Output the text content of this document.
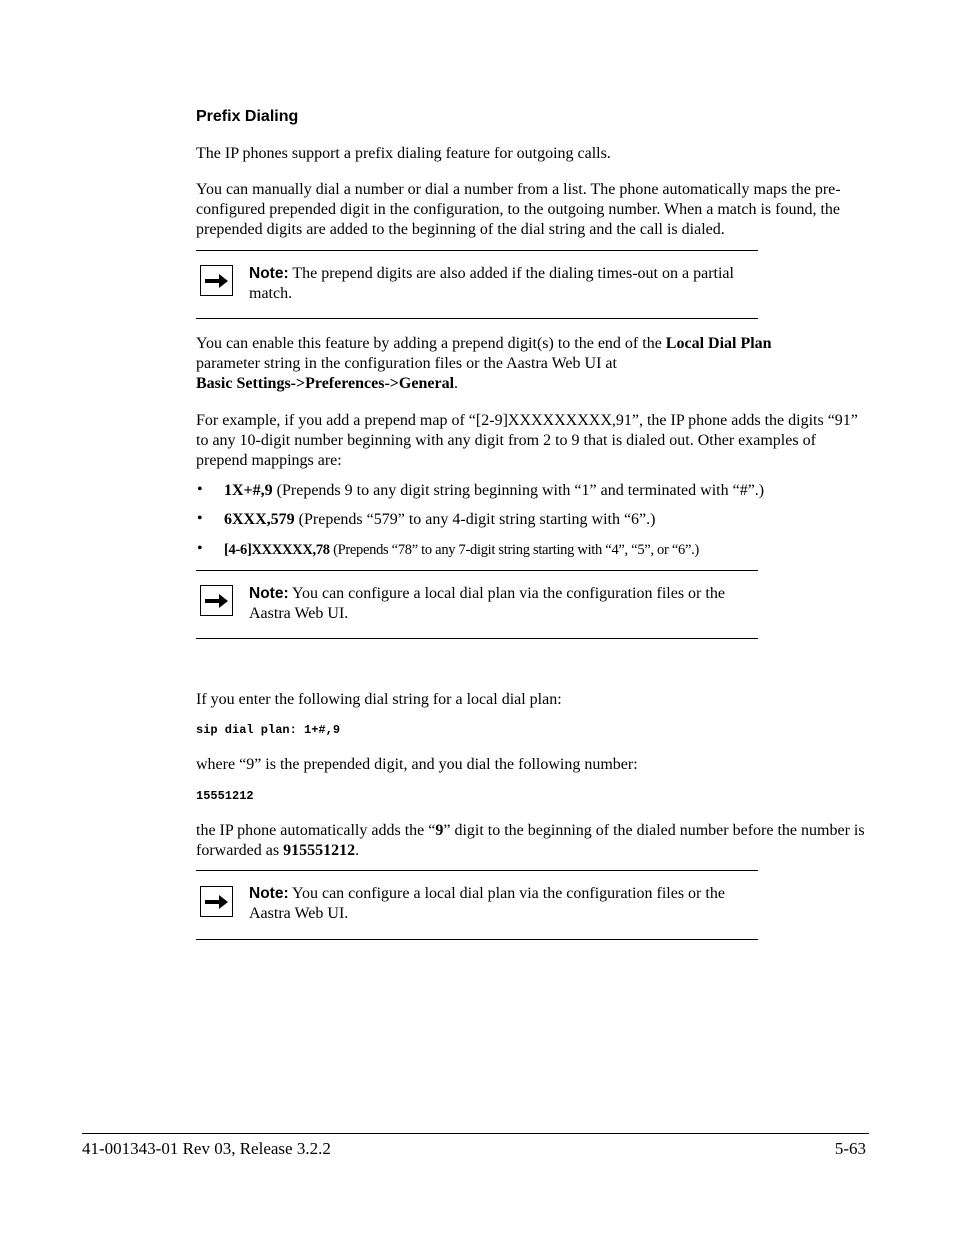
Prefix Dialing

The IP phones support a prefix dialing feature for outgoing calls.

You can manually dial a number or dial a number from a list. The phone automatically maps the pre-configured prepended digit in the configuration, to the outgoing number. When a match is found, the prepended digits are added to the beginning of the dial string and the call is dialed.

Note: The prepend digits are also added if the dialing times-out on a partial match.

You can enable this feature by adding a prepend digit(s) to the end of the Local Dial Plan parameter string in the configuration files or the Aastra Web UI at
Basic Settings->Preferences->General.

For example, if you add a prepend map of “[2-9]XXXXXXXXX,91”, the IP phone adds the digits “91” to any 10-digit number beginning with any digit from 2 to 9 that is dialed out. Other examples of prepend mappings are:

• 1X+#,9 (Prepends 9 to any digit string beginning with “1” and terminated with “#”.)
• 6XXX,579 (Prepends “579” to any 4-digit string starting with “6”.)
• [4-6]XXXXXX,78 (Prepends “78” to any 7-digit string starting with “4”, “5”, or “6”.)
Note: You can configure a local dial plan via the configuration files or the Aastra Web UI.

If you enter the following dial string for a local dial plan:

sip dial plan: 1+#,9

where “9” is the prepended digit, and you dial the following number:

15551212

the IP phone automatically adds the “9” digit to the beginning of the dialed number before the number is forwarded as 915551212.

Note: You can configure a local dial plan via the configuration files or the Aastra Web UI.
41-001343-01 Rev 03, Release 3.2.2	5-63
